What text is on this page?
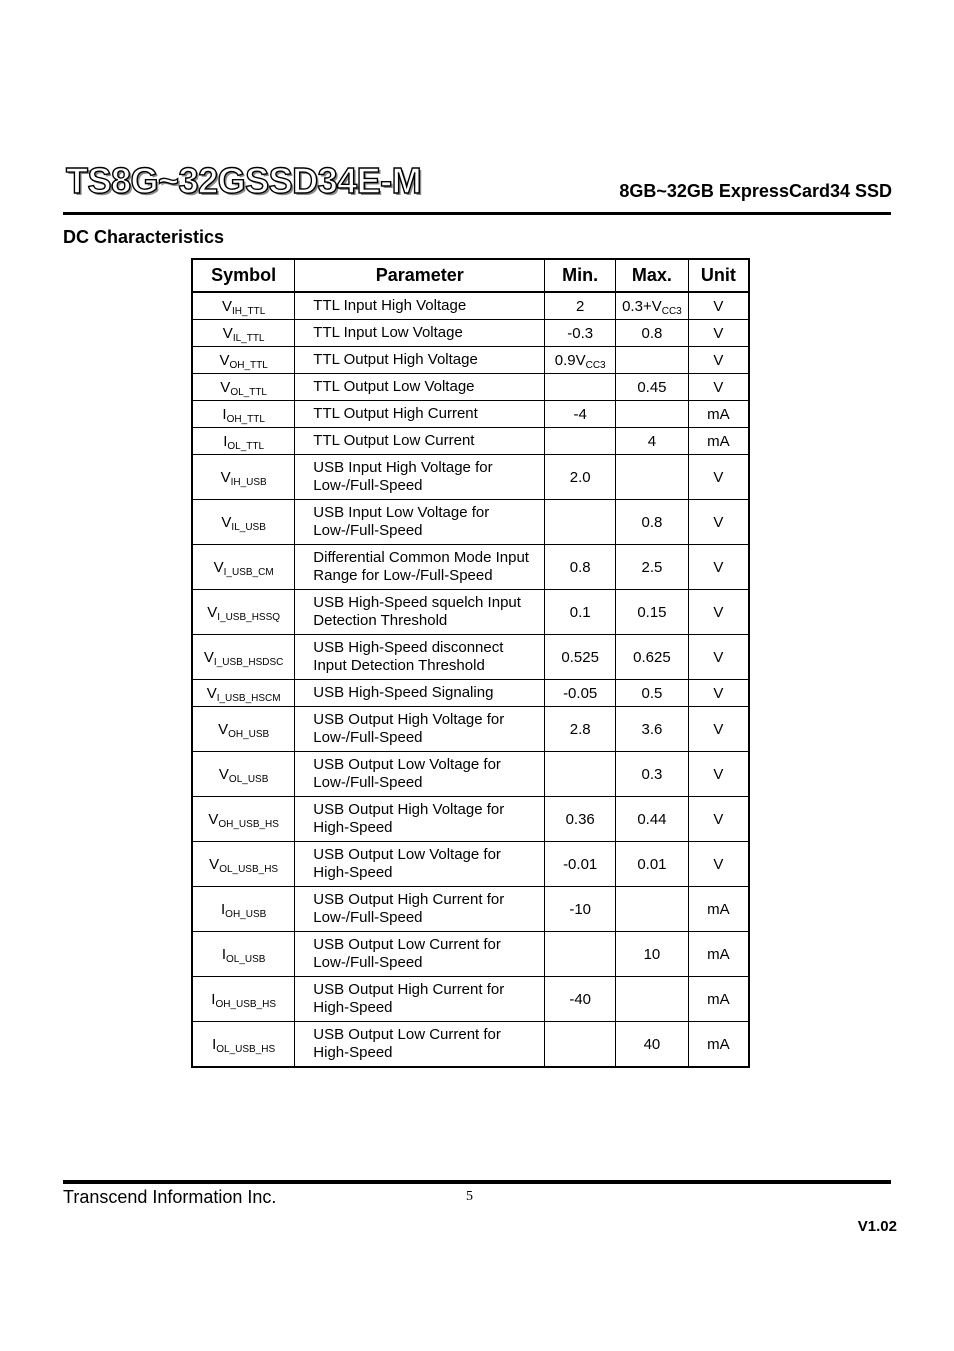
TS8G~32GSSD34E-M	8GB~32GB ExpressCard34 SSD
DC Characteristics
Symbol	Parameter	Min.	Max.	Unit
$V_{IH\_TTL}$	TTL Input High Voltage	2	$0.3+V_{CC3}$	V
$V_{IL\_TTL}$	TTL Input Low Voltage	-0.3	0.8	V
$V_{OH\_TTL}$	TTL Output High Voltage	$0.9V_{CC3}$		V
$V_{OL\_TTL}$	TTL Output Low Voltage		0.45	V
$I_{OH\_TTL}$	TTL Output High Current	-4		mA
$I_{OL\_TTL}$	TTL Output Low Current		4	mA
$V_{IH\_USB}$	USB Input High Voltage for Low-/Full-Speed	2.0		V
$V_{IL\_USB}$	USB Input Low Voltage for Low-/Full-Speed		0.8	V
$V_{I\_USB\_CM}$	Differential Common Mode Input Range for Low-/Full-Speed	0.8	2.5	V
$V_{I\_USB\_HSSQ}$	USB High-Speed squelch Input Detection Threshold	0.1	0.15	V
$V_{I\_USB\_HSDSC}$	USB High-Speed disconnect Input Detection Threshold	0.525	0.625	V
$V_{I\_USB\_HSCM}$	USB High-Speed Signaling	-0.05	0.5	V
$V_{OH\_USB}$	USB Output High Voltage for Low-/Full-Speed	2.8	3.6	V
$V_{OL\_USB}$	USB Output Low Voltage for Low-/Full-Speed		0.3	V
$V_{OH\_USB\_HS}$	USB Output High Voltage for High-Speed	0.36	0.44	V
$V_{OL\_USB\_HS}$	USB Output Low Voltage for High-Speed	-0.01	0.01	V
$I_{OH\_USB}$	USB Output High Current for Low-/Full-Speed	-10		mA
$I_{OL\_USB}$	USB Output Low Current for Low-/Full-Speed		10	mA
$I_{OH\_USB\_HS}$	USB Output High Current for High-Speed	-40		mA
$I_{OL\_USB\_HS}$	USB Output Low Current for High-Speed		40	mA
Transcend Information Inc.	5
V1.02
